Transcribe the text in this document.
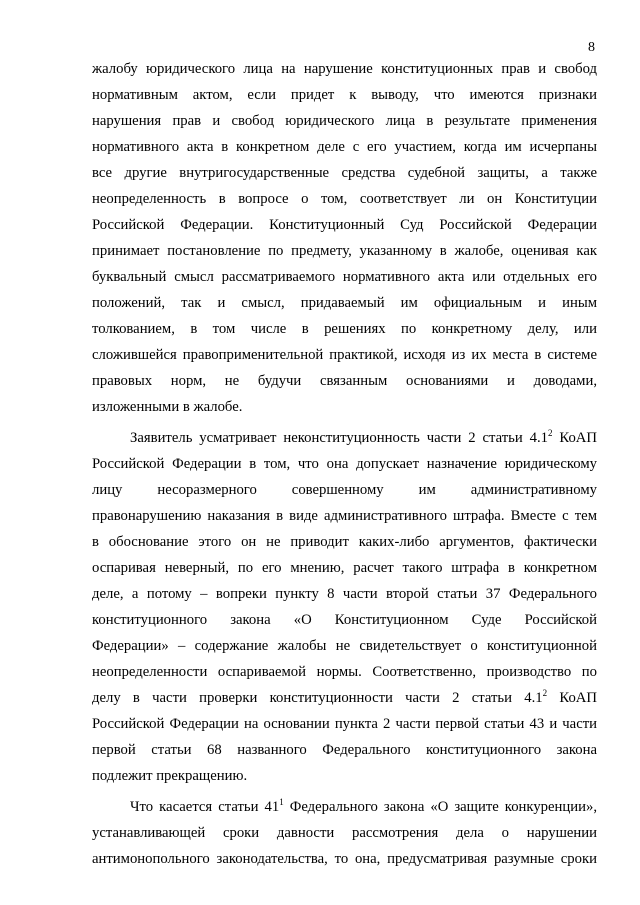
8
жалобу юридического лица на нарушение конституционных прав и свобод
нормативным актом, если придет к выводу, что имеются признаки
нарушения прав и свобод юридического лица в результате применения
нормативного акта в конкретном деле с его участием, когда им исчерпаны
все другие внутригосударственные средства судебной защиты, а также
неопределенность в вопросе о том, соответствует ли он Конституции
Российской Федерации. Конституционный Суд Российской Федерации
принимает постановление по предмету, указанному в жалобе, оценивая как
буквальный смысл рассматриваемого нормативного акта или отдельных его
положений, так и смысл, придаваемый им официальным и иным
толкованием, в том числе в решениях по конкретному делу, или
сложившейся правоприменительной практикой, исходя из их места в системе
правовых норм, не будучи связанным основаниями и доводами,
изложенными в жалобе.
Заявитель усматривает неконституционность части 2 статьи $4.1^2$ КоАП
Российской Федерации в том, что она допускает назначение юридическому
лицу несоразмерного совершенному им административному
правонарушению наказания в виде административного штрафа. Вместе с тем
в обоснование этого он не приводит каких-либо аргументов, фактически
оспаривая неверный, по его мнению, расчет такого штрафа в конкретном
деле, а потому – вопреки пункту 8 части второй статьи 37 Федерального
конституционного закона «О Конституционном Суде Российской
Федерации» – содержание жалобы не свидетельствует о конституционной
неопределенности оспариваемой нормы. Соответственно, производство по
делу в части проверки конституционности части 2 статьи $4.1^2$ КоАП
Российской Федерации на основании пункта 2 части первой статьи 43 и части
первой статьи 68 названного Федерального конституционного закона
подлежит прекращению.
Что касается статьи $41^1$ Федерального закона «О защите конкуренции»,
устанавливающей сроки давности рассмотрения дела о нарушении
антимонопольного законодательства, то она, предусматривая разумные сроки
